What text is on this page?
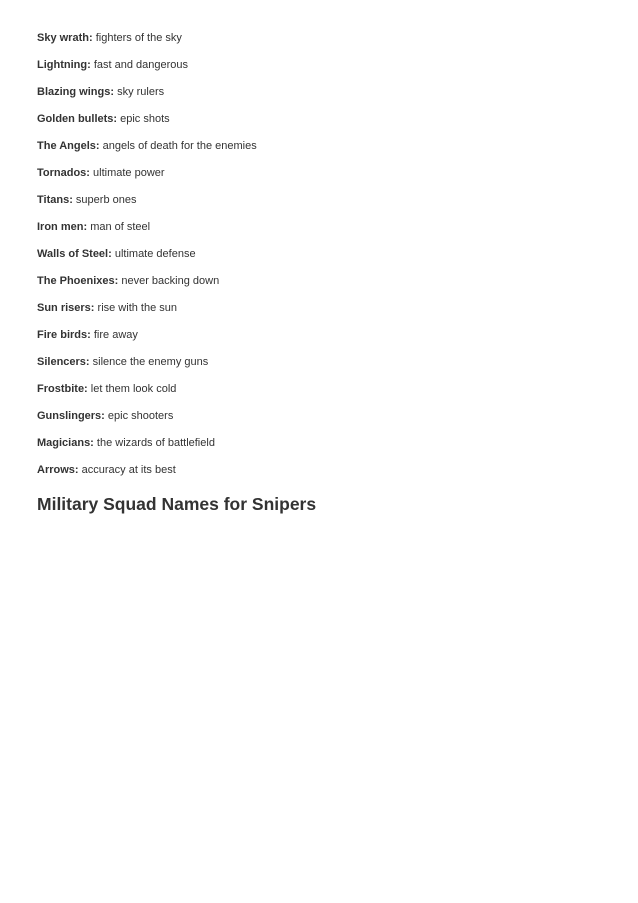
Sky wrath: fighters of the sky
Lightning: fast and dangerous
Blazing wings: sky rulers
Golden bullets: epic shots
The Angels: angels of death for the enemies
Tornados: ultimate power
Titans: superb ones
Iron men: man of steel
Walls of Steel: ultimate defense
The Phoenixes: never backing down
Sun risers: rise with the sun
Fire birds: fire away
Silencers: silence the enemy guns
Frostbite: let them look cold
Gunslingers: epic shooters
Magicians: the wizards of battlefield
Arrows: accuracy at its best
Military Squad Names for Snipers
